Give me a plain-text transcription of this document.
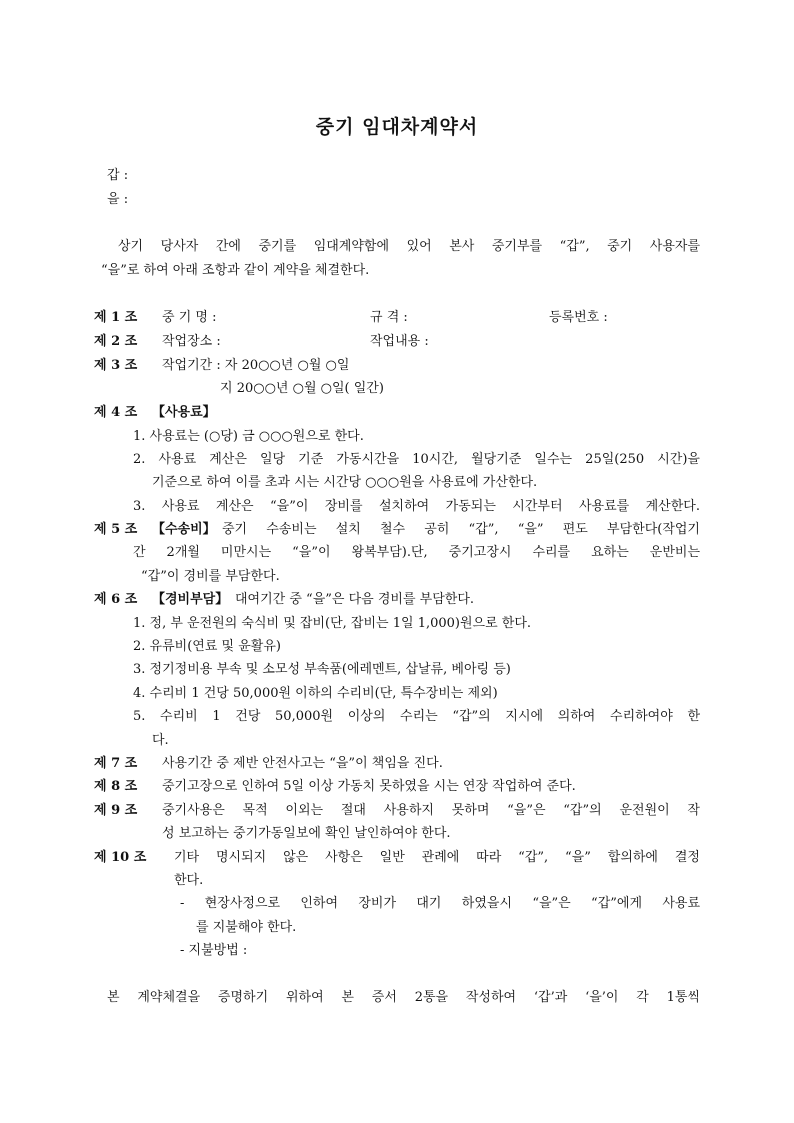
중기 임대차계약서
갑 :
을 :
상기 당사자 간에 중기를 임대계약함에 있어 본사 중기부를 “갑”, 중기 사용자를
“을”로 하여 아래 조항과 같이 계약을 체결한다.
제 1 조 중 기 명 :	규 격 :	등록번호 :
제 2 조 작업장소 :	작업내용 :
제 3 조 작업기간 : 자 20○○년 ○월 ○일
지 20○○년 ○월 ○일( 일간)
제 4 조 【사용료】
1. 사용료는 (○당) 금 ○○○원으로 한다.
2. 사용료 계산은 일당 기준 가동시간을 10시간, 월당기준 일수는 25일(250 시간)을
기준으로 하여 이를 초과 시는 시간당 ○○○원을 사용료에 가산한다.
3. 사용료 계산은 “을”이 장비를 설치하여 가동되는 시간부터 사용료를 계산한다.
제 5 조 【수송비】 중기 수송비는 설치 철수 공히 “갑”, “을” 편도 부담한다(작업기
간 2개월 미만시는 “을”이 왕복부담).단, 중기고장시 수리를 요하는 운반비는
“갑”이 경비를 부담한다.
제 6 조 【경비부담】 대여기간 중 “을”은 다음 경비를 부담한다.
1. 정, 부 운전원의 숙식비 및 잡비(단, 잡비는 1일 1,000)원으로 한다.
2. 유류비(연료 및 윤활유)
3. 정기정비용 부속 및 소모성 부속품(에레멘트, 삽날류, 베아링 등)
4. 수리비 1 건당 50,000원 이하의 수리비(단, 특수장비는 제외)
5. 수리비 1 건당 50,000원 이상의 수리는 “갑”의 지시에 의하여 수리하여야 한
다.
제 7 조 사용기간 중 제반 안전사고는 “을”이 책임을 진다.
제 8 조 중기고장으로 인하여 5일 이상 가동치 못하였을 시는 연장 작업하여 준다.
제 9 조 중기사용은 목적 이외는 절대 사용하지 못하며 “을”은 “갑”의 운전원이 작
성 보고하는 중기가동일보에 확인 날인하여야 한다.
제 10 조 기타 명시되지 않은 사항은 일반 관례에 따라 “갑”, “을” 합의하에 결정
한다.
- 현장사정으로 인하여 장비가 대기 하였을시 “을”은 “갑”에게 사용료
를 지불해야 한다.
- 지불방법 :
본 계약체결을 증명하기 위하여 본 증서 2통을 작성하여 ‘갑’과 ‘을’이 각 1통씩
